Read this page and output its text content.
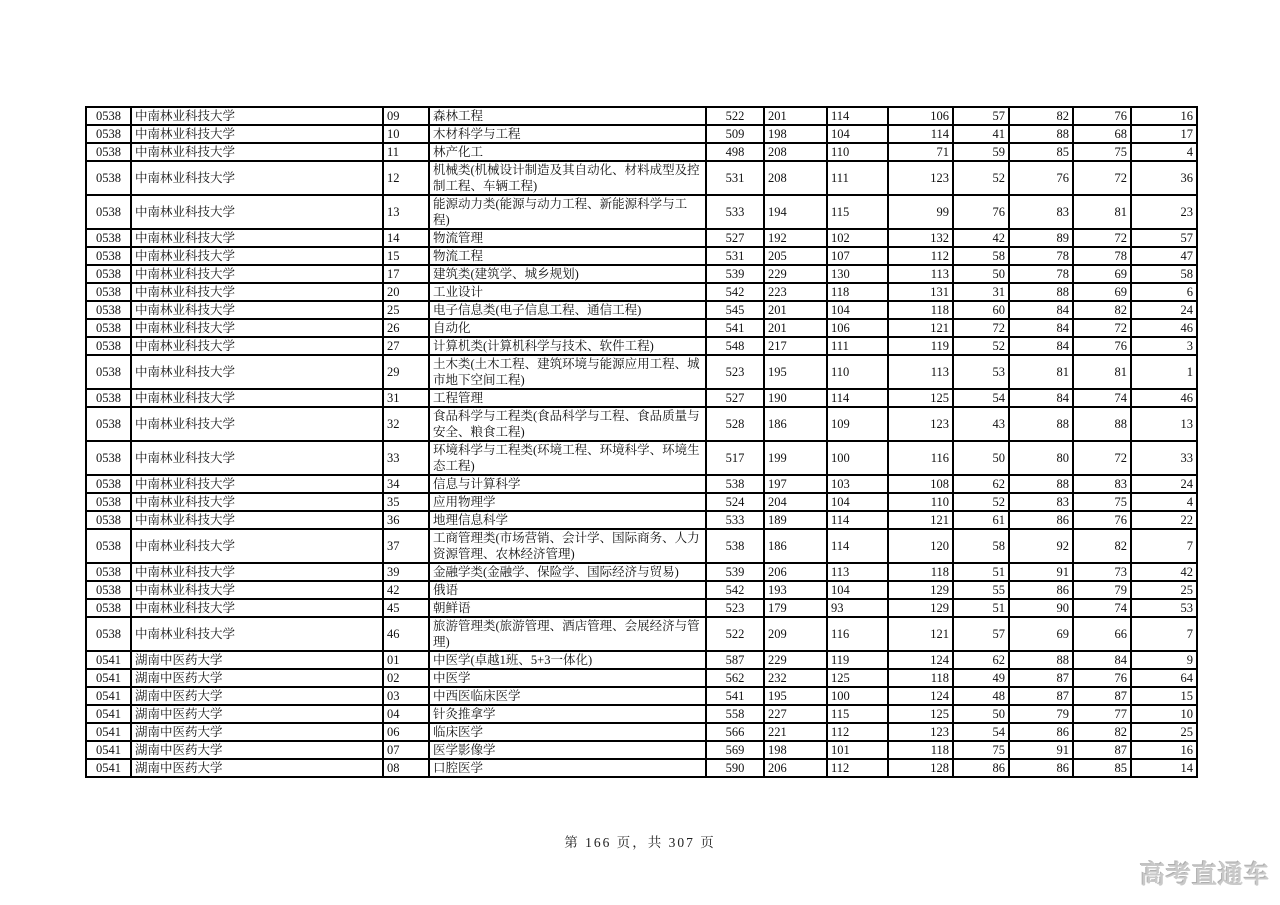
0538	中南林业科技大学	09	森林工程	522	201	114	106	57	82	76	16
0538	中南林业科技大学	10	木材科学与工程	509	198	104	114	41	88	68	17
0538	中南林业科技大学	11	林产化工	498	208	110	71	59	85	75	4
0538	中南林业科技大学	12	机械类(机械设计制造及其自动化、材料成型及控制工程、车辆工程)	531	208	111	123	52	76	72	36
0538	中南林业科技大学	13	能源动力类(能源与动力工程、新能源科学与工程)	533	194	115	99	76	83	81	23
0538	中南林业科技大学	14	物流管理	527	192	102	132	42	89	72	57
0538	中南林业科技大学	15	物流工程	531	205	107	112	58	78	78	47
0538	中南林业科技大学	17	建筑类(建筑学、城乡规划)	539	229	130	113	50	78	69	58
0538	中南林业科技大学	20	工业设计	542	223	118	131	31	88	69	6
0538	中南林业科技大学	25	电子信息类(电子信息工程、通信工程)	545	201	104	118	60	84	82	24
0538	中南林业科技大学	26	自动化	541	201	106	121	72	84	72	46
0538	中南林业科技大学	27	计算机类(计算机科学与技术、软件工程)	548	217	111	119	52	84	76	3
0538	中南林业科技大学	29	土木类(土木工程、建筑环境与能源应用工程、城市地下空间工程)	523	195	110	113	53	81	81	1
0538	中南林业科技大学	31	工程管理	527	190	114	125	54	84	74	46
0538	中南林业科技大学	32	食品科学与工程类(食品科学与工程、食品质量与安全、粮食工程)	528	186	109	123	43	88	88	13
0538	中南林业科技大学	33	环境科学与工程类(环境工程、环境科学、环境生态工程)	517	199	100	116	50	80	72	33
0538	中南林业科技大学	34	信息与计算科学	538	197	103	108	62	88	83	24
0538	中南林业科技大学	35	应用物理学	524	204	104	110	52	83	75	4
0538	中南林业科技大学	36	地理信息科学	533	189	114	121	61	86	76	22
0538	中南林业科技大学	37	工商管理类(市场营销、会计学、国际商务、人力资源管理、农林经济管理)	538	186	114	120	58	92	82	7
0538	中南林业科技大学	39	金融学类(金融学、保险学、国际经济与贸易)	539	206	113	118	51	91	73	42
0538	中南林业科技大学	42	俄语	542	193	104	129	55	86	79	25
0538	中南林业科技大学	45	朝鲜语	523	179	93	129	51	90	74	53
0538	中南林业科技大学	46	旅游管理类(旅游管理、酒店管理、会展经济与管理)	522	209	116	121	57	69	66	7
0541	湖南中医药大学	01	中医学(卓越1班、5+3一体化)	587	229	119	124	62	88	84	9
0541	湖南中医药大学	02	中医学	562	232	125	118	49	87	76	64
0541	湖南中医药大学	03	中西医临床医学	541	195	100	124	48	87	87	15
0541	湖南中医药大学	04	针灸推拿学	558	227	115	125	50	79	77	10
0541	湖南中医药大学	06	临床医学	566	221	112	123	54	86	82	25
0541	湖南中医药大学	07	医学影像学	569	198	101	118	75	91	87	16
0541	湖南中医药大学	08	口腔医学	590	206	112	128	86	86	85	14
第 166 页，共 307 页
高考直通车
